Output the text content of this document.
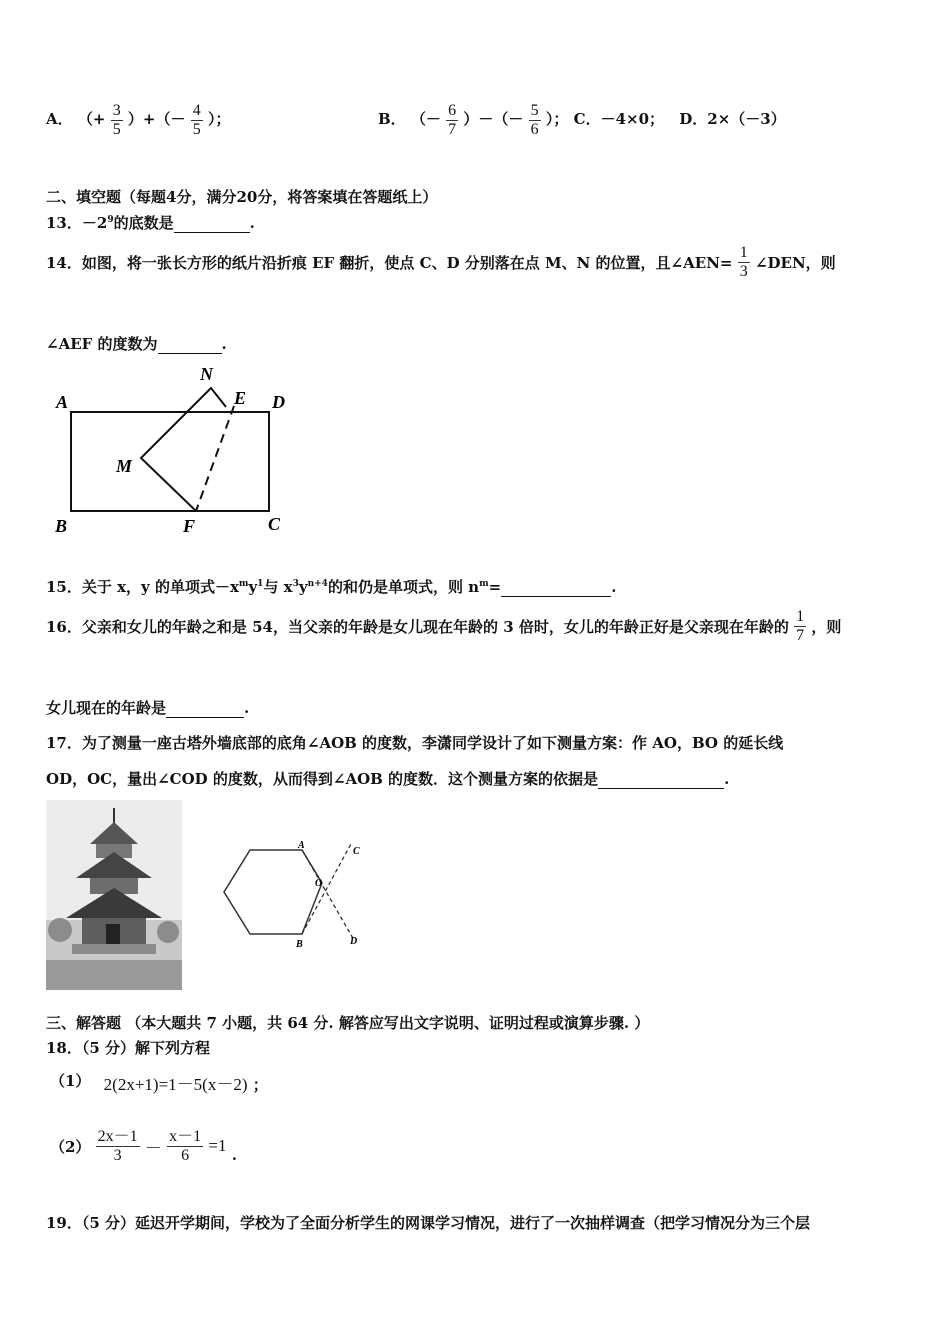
A． （+ $\frac{3}{5}$ ）+（－ $\frac{4}{5}$ ）；	B． （－ $\frac{6}{7}$ ）－（－ $\frac{5}{6}$ ）； C．－4×0； D．2×（－3）
二、填空题（每题4分，满分20分，将答案填在答题纸上）
13．$-2^9$的底数是	.
14．如图，将一张长方形的纸片沿折痕 EF 翻折，使点 C、D 分别落在点 M、N 的位置，且∠AEN= $\frac{1}{3}$ ∠DEN，则
∠AEF 的度数为	.
A	D
N
E
M
B	F	C
15．关于 x，y 的单项式$-x^my^1$与 $x^3y^{n+4}$的和仍是单项式，则 $n^m=$	.
16．父亲和女儿的年龄之和是 54，当父亲的年龄是女儿现在年龄的 3 倍时，女儿的年龄正好是父亲现在年龄的 $\frac{1}{7}$ ，则
女儿现在的年龄是	.
17．为了测量一座古塔外墙底部的底角∠AOB 的度数，李潇同学设计了如下测量方案：作 AO，BO 的延长线
OD，OC，量出∠COD 的度数，从而得到∠AOB 的度数．这个测量方案的依据是	.
A
C
O
B	D
三、解答题 （本大题共 7 小题，共 64 分. 解答应写出文字说明、证明过程或演算步骤. ）
18．（5 分）解下列方程
（1） 2(2x+1)=1－5(x－2) ；
$(2) \frac{2x-1}{3} - \frac{x-1}{6} =1$ .
19．（5 分）延迟开学期间，学校为了全面分析学生的网课学习情况，进行了一次抽样调查（把学习情况分为三个层
